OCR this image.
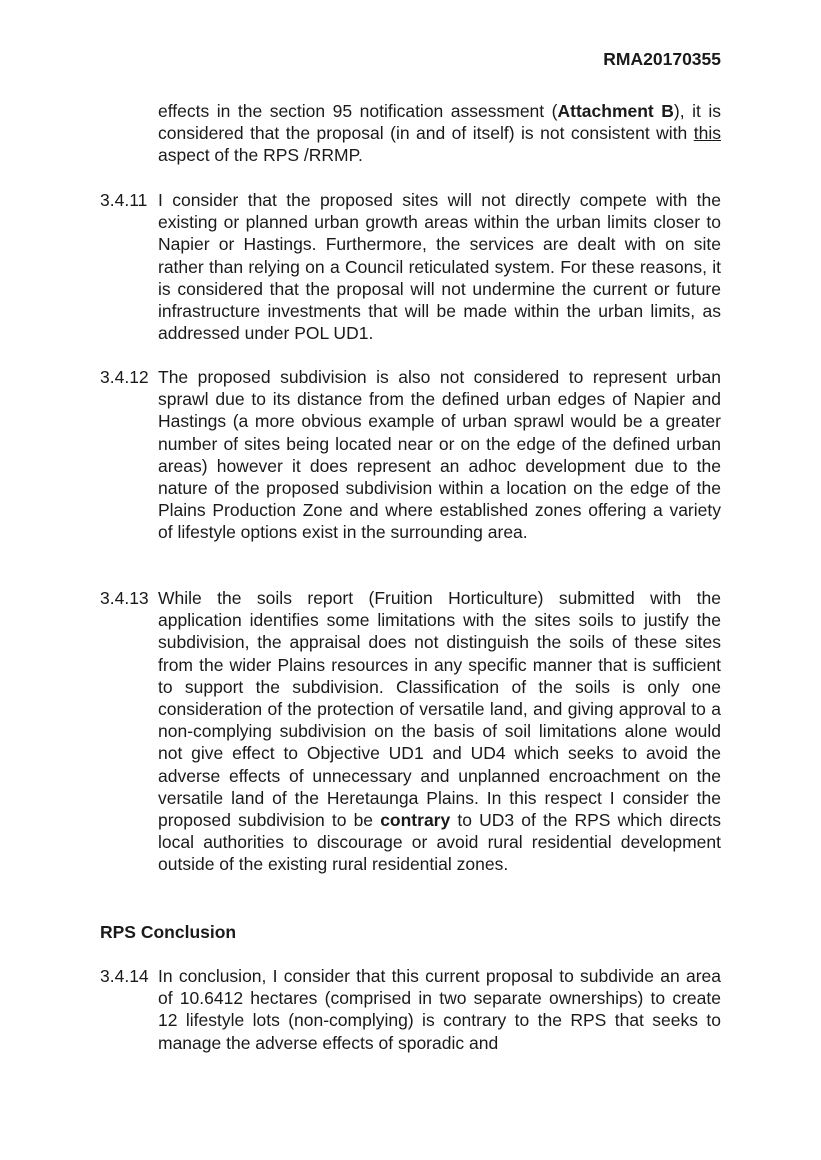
RMA20170355

effects in the section 95 notification assessment (Attachment B), it is considered that the proposal (in and of itself) is not consistent with this aspect of the RPS /RRMP.

3.4.11 I consider that the proposed sites will not directly compete with the existing or planned urban growth areas within the urban limits closer to Napier or Hastings. Furthermore, the services are dealt with on site rather than relying on a Council reticulated system. For these reasons, it is considered that the proposal will not undermine the current or future infrastructure investments that will be made within the urban limits, as addressed under POL UD1.

3.4.12 The proposed subdivision is also not considered to represent urban sprawl due to its distance from the defined urban edges of Napier and Hastings (a more obvious example of urban sprawl would be a greater number of sites being located near or on the edge of the defined urban areas) however it does represent an adhoc development due to the nature of the proposed subdivision within a location on the edge of the Plains Production Zone and where established zones offering a variety of lifestyle options exist in the surrounding area.

3.4.13 While the soils report (Fruition Horticulture) submitted with the application identifies some limitations with the sites soils to justify the subdivision, the appraisal does not distinguish the soils of these sites from the wider Plains resources in any specific manner that is sufficient to support the subdivision. Classification of the soils is only one consideration of the protection of versatile land, and giving approval to a non-complying subdivision on the basis of soil limitations alone would not give effect to Objective UD1 and UD4 which seeks to avoid the adverse effects of unnecessary and unplanned encroachment on the versatile land of the Heretaunga Plains. In this respect I consider the proposed subdivision to be contrary to UD3 of the RPS which directs local authorities to discourage or avoid rural residential development outside of the existing rural residential zones.

RPS Conclusion

3.4.14 In conclusion, I consider that this current proposal to subdivide an area of 10.6412 hectares (comprised in two separate ownerships) to create 12 lifestyle lots (non-complying) is contrary to the RPS that seeks to manage the adverse effects of sporadic and
